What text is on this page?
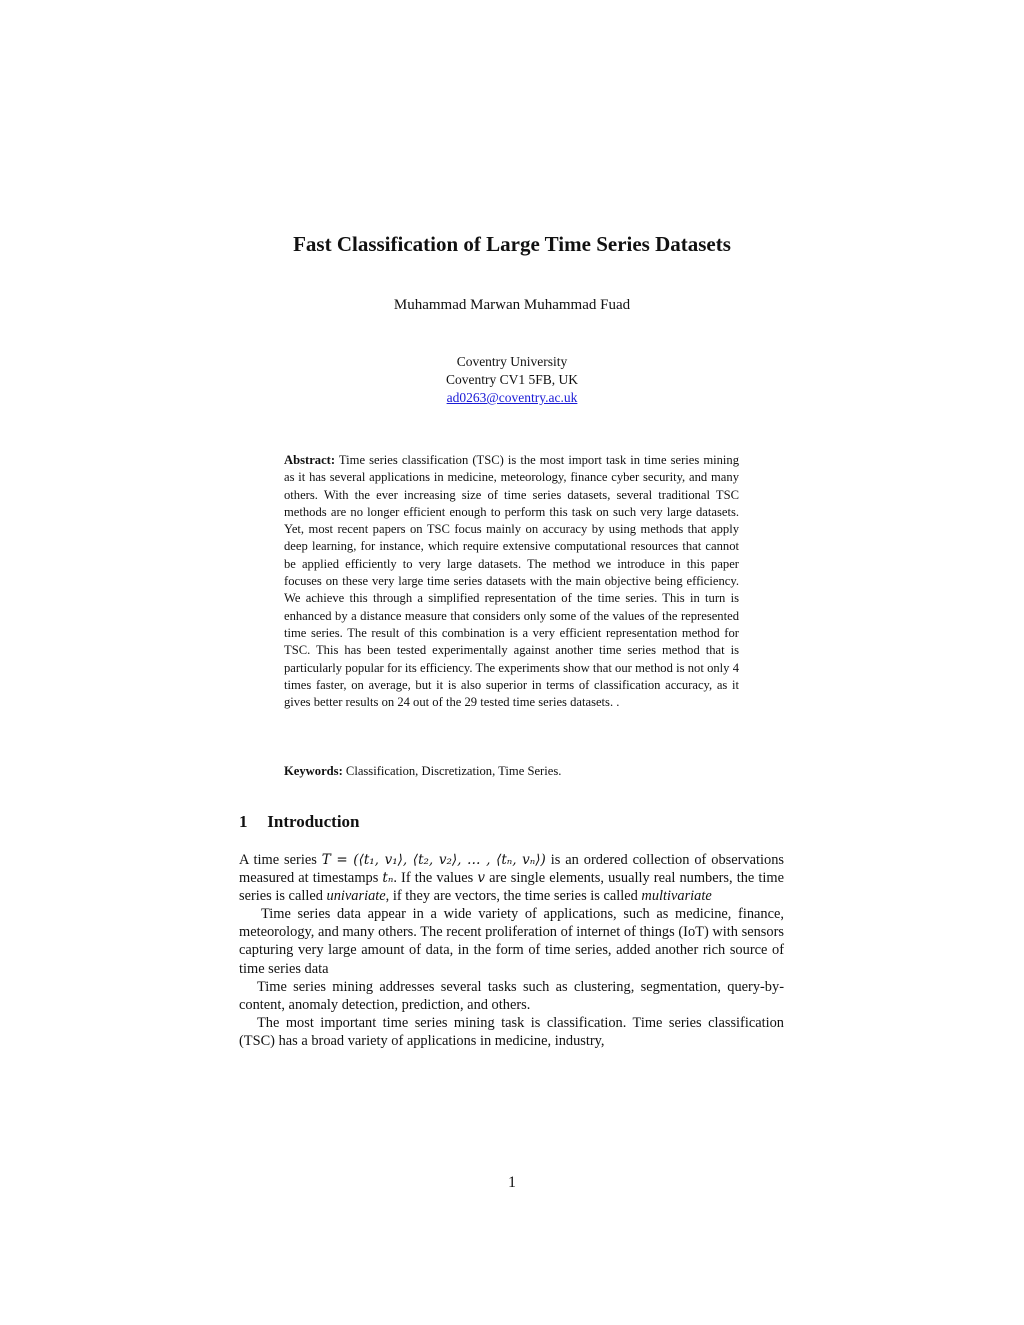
Fast Classification of Large Time Series Datasets
Muhammad Marwan Muhammad Fuad
Coventry University
Coventry CV1 5FB, UK
ad0263@coventry.ac.uk

Abstract: Time series classification (TSC) is the most import task in time series mining as it has several applications in medicine, meteorology, finance cyber security, and many others. With the ever increasing size of time series datasets, several traditional TSC methods are no longer efficient enough to perform this task on such very large datasets. Yet, most recent papers on TSC focus mainly on accuracy by using methods that apply deep learning, for instance, which require extensive computational resources that cannot be applied efficiently to very large datasets. The method we introduce in this paper focuses on these very large time series datasets with the main objective being efficiency. We achieve this through a simplified representation of the time series. This in turn is enhanced by a distance measure that considers only some of the values of the represented time series. The result of this combination is a very efficient representation method for TSC. This has been tested experimentally against another time series method that is particularly popular for its efficiency. The experiments show that our method is not only 4 times faster, on average, but it is also superior in terms of classification accuracy, as it gives better results on 24 out of the 29 tested time series datasets. .

Keywords: Classification, Discretization, Time Series.
1 Introduction

A time series T = (⟨t₁, v₁⟩, ⟨t₂, v₂⟩, … , ⟨tₙ, vₙ⟩) is an ordered collection of observations measured at timestamps tₙ. If the values v are single elements, usually real numbers, the time series is called univariate, if they are vectors, the time series is called multivariate

Time series data appear in a wide variety of applications, such as medicine, finance, meteorology, and many others. The recent proliferation of internet of things (IoT) with sensors capturing very large amount of data, in the form of time series, added another rich source of time series data

Time series mining addresses several tasks such as clustering, segmentation, query-by-content, anomaly detection, prediction, and others.

The most important time series mining task is classification. Time series classification (TSC) has a broad variety of applications in medicine, industry,

1
